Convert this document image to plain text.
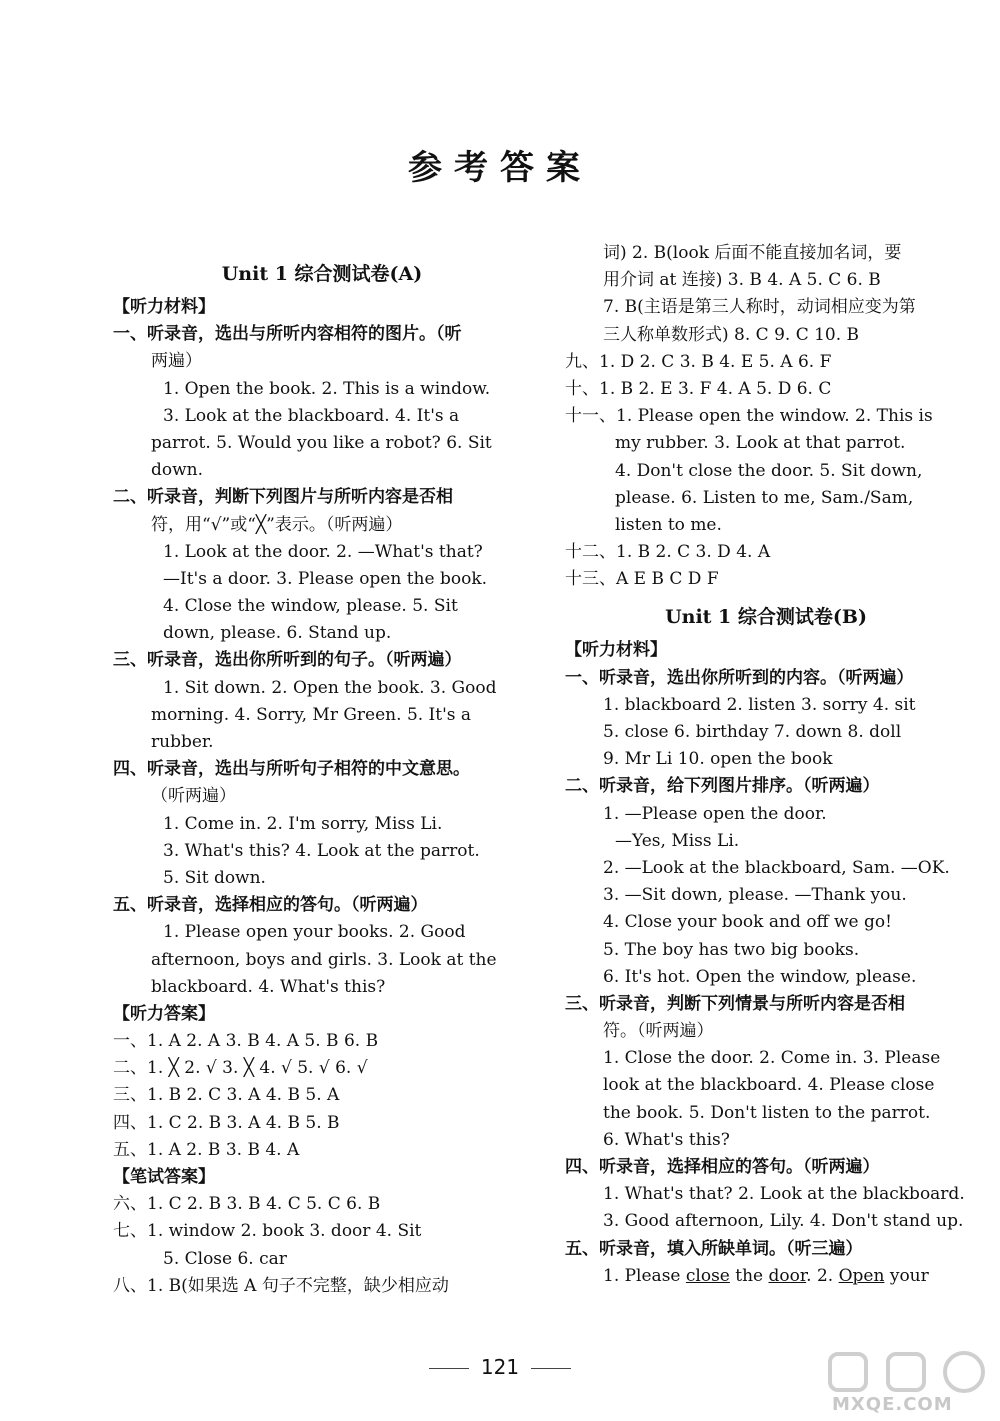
参考答案
Unit 1 综合测试卷(A)
【听力材料】
一、听录音，选出与所听内容相符的图片。（听
两遍）
1. Open the book. 2. This is a window.
3. Look at the blackboard. 4. It's a
parrot. 5. Would you like a robot? 6. Sit
down.
二、听录音，判断下列图片与所听内容是否相
符，用“√”或“╳”表示。（听两遍）
1. Look at the door. 2. —What's that?
—It's a door. 3. Please open the book.
4. Close the window, please. 5. Sit
down, please. 6. Stand up.
三、听录音，选出你所听到的句子。（听两遍）
1. Sit down. 2. Open the book. 3. Good
morning. 4. Sorry, Mr Green. 5. It's a
rubber.
四、听录音，选出与所听句子相符的中文意思。
（听两遍）
1. Come in. 2. I'm sorry, Miss Li.
3. What's this? 4. Look at the parrot.
5. Sit down.
五、听录音，选择相应的答句。（听两遍）
1. Please open your books. 2. Good
afternoon, boys and girls. 3. Look at the
blackboard. 4. What's this?
【听力答案】
一、1. A 2. A 3. B 4. A 5. B 6. B
二、1. ╳ 2. √ 3. ╳ 4. √ 5. √ 6. √
三、1. B 2. C 3. A 4. B 5. A
四、1. C 2. B 3. A 4. B 5. B
五、1. A 2. B 3. B 4. A
【笔试答案】
六、1. C 2. B 3. B 4. C 5. C 6. B
七、1. window 2. book 3. door 4. Sit
5. Close 6. car
八、1. B(如果选 A 句子不完整，缺少相应动
词) 2. B(look 后面不能直接加名词，要
用介词 at 连接) 3. B 4. A 5. C 6. B
7. B(主语是第三人称时，动词相应变为第
三人称单数形式) 8. C 9. C 10. B
九、1. D 2. C 3. B 4. E 5. A 6. F
十、1. B 2. E 3. F 4. A 5. D 6. C
十一、1. Please open the window. 2. This is
my rubber. 3. Look at that parrot.
4. Don't close the door. 5. Sit down,
please. 6. Listen to me, Sam./Sam,
listen to me.
十二、1. B 2. C 3. D 4. A
十三、A E B C D F
Unit 1 综合测试卷(B)
【听力材料】
一、听录音，选出你所听到的内容。（听两遍）
1. blackboard 2. listen 3. sorry 4. sit
5. close 6. birthday 7. down 8. doll
9. Mr Li 10. open the book
二、听录音，给下列图片排序。（听两遍）
1. —Please open the door.
—Yes, Miss Li.
2. —Look at the blackboard, Sam. —OK.
3. —Sit down, please. —Thank you.
4. Close your book and off we go!
5. The boy has two big books.
6. It's hot. Open the window, please.
三、听录音，判断下列情景与所听内容是否相
符。（听两遍）
1. Close the door. 2. Come in. 3. Please
look at the blackboard. 4. Please close
the book. 5. Don't listen to the parrot.
6. What's this?
四、听录音，选择相应的答句。（听两遍）
1. What's that? 2. Look at the blackboard.
3. Good afternoon, Lily. 4. Don't stand up.
五、听录音，填入所缺单词。（听三遍）
1. Please close the door. 2. Open your
121
MXQE.COM
